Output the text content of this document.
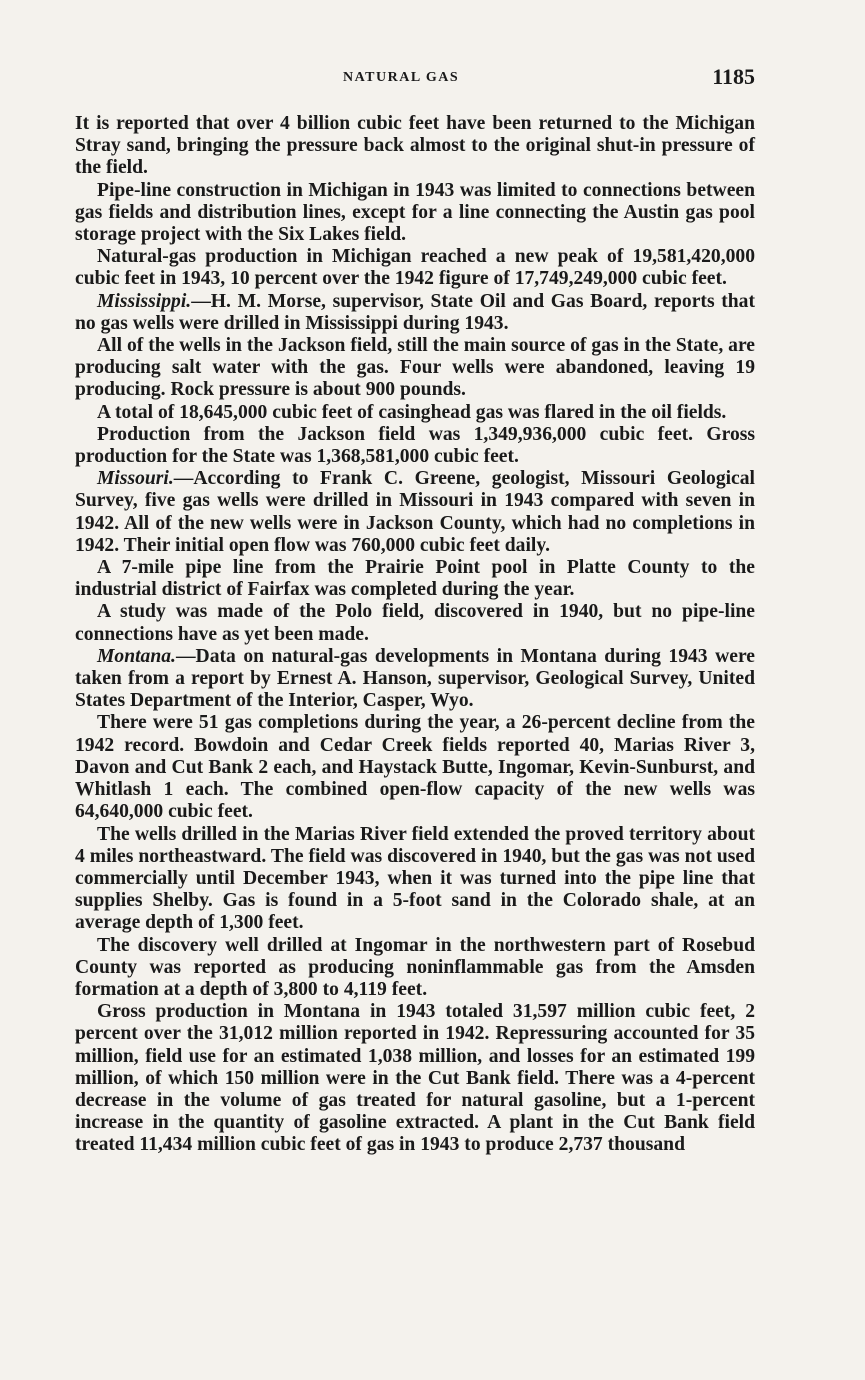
NATURAL GAS	1185

It is reported that over 4 billion cubic feet have been returned to the Michigan Stray sand, bringing the pressure back almost to the original shut-in pressure of the field.

Pipe-line construction in Michigan in 1943 was limited to connections between gas fields and distribution lines, except for a line connecting the Austin gas pool storage project with the Six Lakes field.

Natural-gas production in Michigan reached a new peak of 19,581,420,000 cubic feet in 1943, 10 percent over the 1942 figure of 17,749,249,000 cubic feet.

Mississippi.—H. M. Morse, supervisor, State Oil and Gas Board, reports that no gas wells were drilled in Mississippi during 1943.

All of the wells in the Jackson field, still the main source of gas in the State, are producing salt water with the gas. Four wells were abandoned, leaving 19 producing. Rock pressure is about 900 pounds.

A total of 18,645,000 cubic feet of casinghead gas was flared in the oil fields.

Production from the Jackson field was 1,349,936,000 cubic feet. Gross production for the State was 1,368,581,000 cubic feet.

Missouri.—According to Frank C. Greene, geologist, Missouri Geological Survey, five gas wells were drilled in Missouri in 1943 compared with seven in 1942. All of the new wells were in Jackson County, which had no completions in 1942. Their initial open flow was 760,000 cubic feet daily.

A 7-mile pipe line from the Prairie Point pool in Platte County to the industrial district of Fairfax was completed during the year.

A study was made of the Polo field, discovered in 1940, but no pipe-line connections have as yet been made.

Montana.—Data on natural-gas developments in Montana during 1943 were taken from a report by Ernest A. Hanson, supervisor, Geological Survey, United States Department of the Interior, Casper, Wyo.

There were 51 gas completions during the year, a 26-percent decline from the 1942 record. Bowdoin and Cedar Creek fields reported 40, Marias River 3, Davon and Cut Bank 2 each, and Haystack Butte, Ingomar, Kevin-Sunburst, and Whitlash 1 each. The combined open-flow capacity of the new wells was 64,640,000 cubic feet.

The wells drilled in the Marias River field extended the proved territory about 4 miles northeastward. The field was discovered in 1940, but the gas was not used commercially until December 1943, when it was turned into the pipe line that supplies Shelby. Gas is found in a 5-foot sand in the Colorado shale, at an average depth of 1,300 feet.

The discovery well drilled at Ingomar in the northwestern part of Rosebud County was reported as producing noninflammable gas from the Amsden formation at a depth of 3,800 to 4,119 feet.

Gross production in Montana in 1943 totaled 31,597 million cubic feet, 2 percent over the 31,012 million reported in 1942. Repressuring accounted for 35 million, field use for an estimated 1,038 million, and losses for an estimated 199 million, of which 150 million were in the Cut Bank field. There was a 4-percent decrease in the volume of gas treated for natural gasoline, but a 1-percent increase in the quantity of gasoline extracted. A plant in the Cut Bank field treated 11,434 million cubic feet of gas in 1943 to produce 2,737 thousand
